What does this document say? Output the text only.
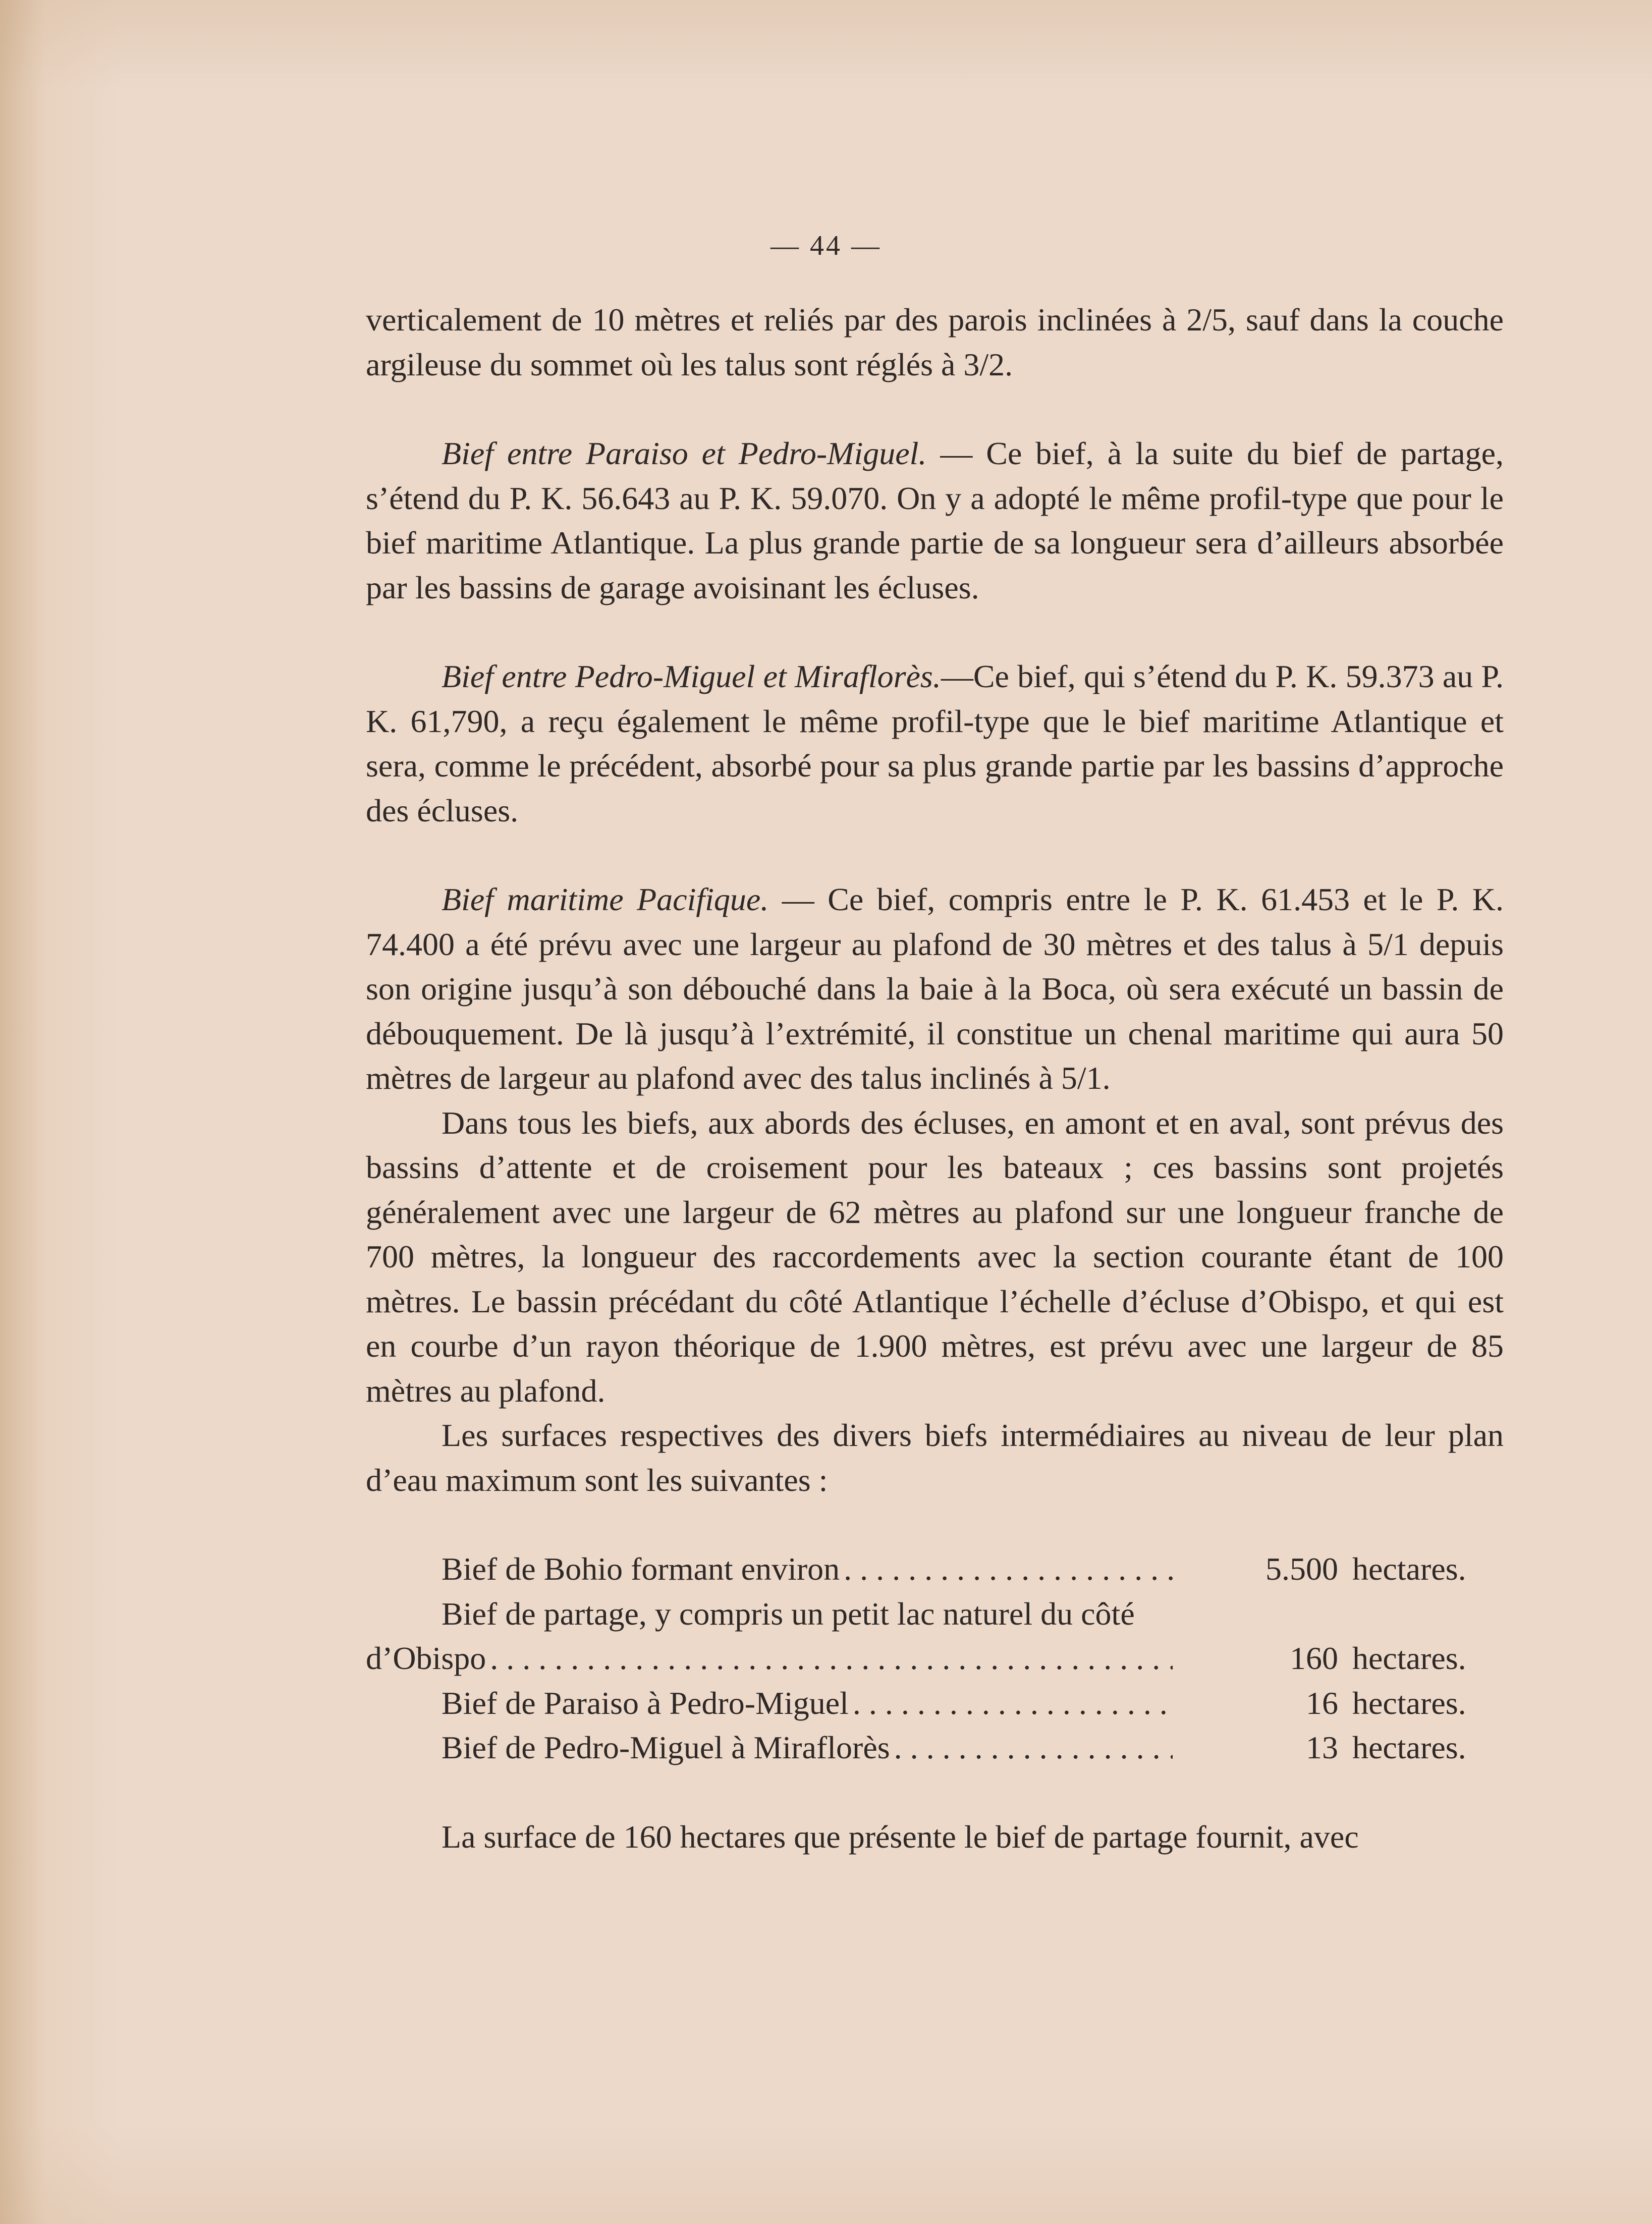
— 44 —

verticalement de 10 mètres et reliés par des parois inclinées à 2/5, sauf dans la couche argileuse du sommet où les talus sont réglés à 3/2.

Bief entre Paraiso et Pedro-Miguel. — Ce bief, à la suite du bief de partage, s’étend du P. K. 56.643 au P. K. 59.070. On y a adopté le même profil-type que pour le bief maritime Atlantique. La plus grande partie de sa longueur sera d’ailleurs absorbée par les bassins de garage avoisinant les écluses.

Bief entre Pedro-Miguel et Miraflorès.—Ce bief, qui s’étend du P. K. 59.373 au P. K. 61,790, a reçu également le même profil-type que le bief maritime Atlantique et sera, comme le précédent, absorbé pour sa plus grande partie par les bassins d’approche des écluses.

Bief maritime Pacifique. — Ce bief, compris entre le P. K. 61.453 et le P. K. 74.400 a été prévu avec une largeur au plafond de 30 mètres et des talus à 5/1 depuis son origine jusqu’à son débouché dans la baie à la Boca, où sera exécuté un bassin de débouquement. De là jusqu’à l’extrémité, il constitue un chenal maritime qui aura 50 mètres de largeur au plafond avec des talus inclinés à 5/1.

Dans tous les biefs, aux abords des écluses, en amont et en aval, sont prévus des bassins d’attente et de croisement pour les bateaux ; ces bassins sont projetés généralement avec une largeur de 62 mètres au plafond sur une longueur franche de 700 mètres, la longueur des raccordements avec la section courante étant de 100 mètres. Le bassin précédant du côté Atlantique l’échelle d’écluse d’Obispo, et qui est en courbe d’un rayon théorique de 1.900 mètres, est prévu avec une largeur de 85 mètres au plafond.

Les surfaces respectives des divers biefs intermédiaires au niveau de leur plan d’eau maximum sont les suivantes :

Bief de Bohio formant environ . . .	5.500 hectares.
Bief de partage, y compris un petit lac naturel du côté
d’Obispo . . .	160 hectares.
Bief de Paraiso à Pedro-Miguel . . .	16 hectares.
Bief de Pedro-Miguel à Miraflorès . . .	13 hectares.

La surface de 160 hectares que présente le bief de partage fournit, avec
